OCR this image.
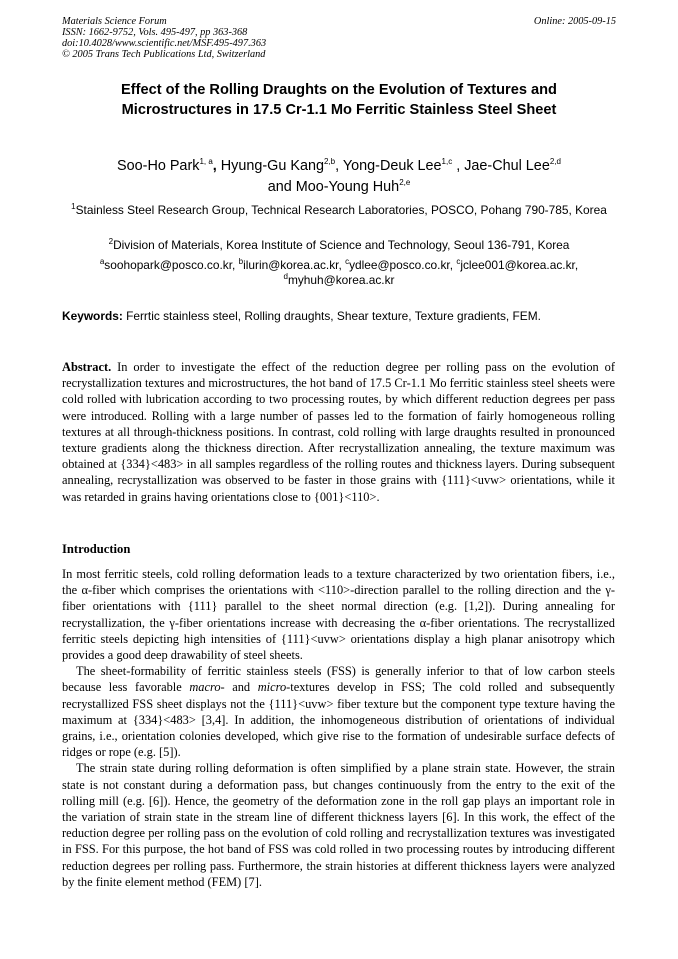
Materials Science Forum
ISSN: 1662-9752, Vols. 495-497, pp 363-368
doi:10.4028/www.scientific.net/MSF.495-497.363
© 2005 Trans Tech Publications Ltd, Switzerland
Online: 2005-09-15
Effect of the Rolling Draughts on the Evolution of Textures and
Microstructures in 17.5 Cr-1.1 Mo Ferritic Stainless Steel Sheet
Soo-Ho Park$^{1, a}$, Hyung-Gu Kang$^{2,b}$, Yong-Deuk Lee$^{1,c}$ , Jae-Chul Lee$^{2,d}$
and Moo-Young Huh$^{2,e}$
$^1$Stainless Steel Research Group, Technical Research Laboratories, POSCO, Pohang 790-785, Korea
$^2$Division of Materials, Korea Institute of Science and Technology, Seoul 136-791, Korea
$^a$soohopark@posco.co.kr, $^b$ilurin@korea.ac.kr, $^c$ydlee@posco.co.kr, $^c$jclee001@korea.ac.kr,
$^d$myhuh@korea.ac.kr
Keywords: Ferrtic stainless steel, Rolling draughts, Shear texture, Texture gradients, FEM.

Abstract. In order to investigate the effect of the reduction degree per rolling pass on the evolution of recrystallization textures and microstructures, the hot band of 17.5 Cr-1.1 Mo ferritic stainless steel sheets were cold rolled with lubrication according to two processing routes, by which different reduction degrees per pass were introduced. Rolling with a large number of passes led to the formation of fairly homogeneous rolling textures at all through-thickness positions. In contrast, cold rolling with large draughts resulted in pronounced texture gradients along the thickness direction. After recrystallization annealing, the texture maximum was obtained at {334}<483> in all samples regardless of the rolling routes and thickness layers. During subsequent annealing, recrystallization was observed to be faster in those grains with {111}<uvw> orientations, while it was retarded in grains having orientations close to {001}<110>.

Introduction

In most ferritic steels, cold rolling deformation leads to a texture characterized by two orientation fibers, i.e., the α-fiber which comprises the orientations with <110>-direction parallel to the rolling direction and the γ-fiber orientations with {111} parallel to the sheet normal direction (e.g. [1,2]). During annealing for recrystallization, the γ-fiber orientations increase with decreasing the α-fiber orientations. The recrystallized ferritic steels depicting high intensities of {111}<uvw> orientations display a high planar anisotropy which provides a good deep drawability of steel sheets.

The sheet-formability of ferritic stainless steels (FSS) is generally inferior to that of low carbon steels because less favorable macro- and micro-textures develop in FSS; The cold rolled and subsequently recrystallized FSS sheet displays not the {111}<uvw> fiber texture but the component type texture having the maximum at {334}<483> [3,4]. In addition, the inhomogeneous distribution of orientations of individual grains, i.e., orientation colonies developed, which give rise to the formation of undesirable surface defects of ridges or rope (e.g. [5]).

The strain state during rolling deformation is often simplified by a plane strain state. However, the strain state is not constant during a deformation pass, but changes continuously from the entry to the exit of the rolling mill (e.g. [6]). Hence, the geometry of the deformation zone in the roll gap plays an important role in the variation of strain state in the stream line of different thickness layers [6]. In this work, the effect of the reduction degree per rolling pass on the evolution of cold rolling and recrystallization textures was investigated in FSS. For this purpose, the hot band of FSS was cold rolled in two processing routes by introducing different reduction degrees per rolling pass. Furthermore, the strain histories at different thickness layers were analyzed by the finite element method (FEM) [7].
